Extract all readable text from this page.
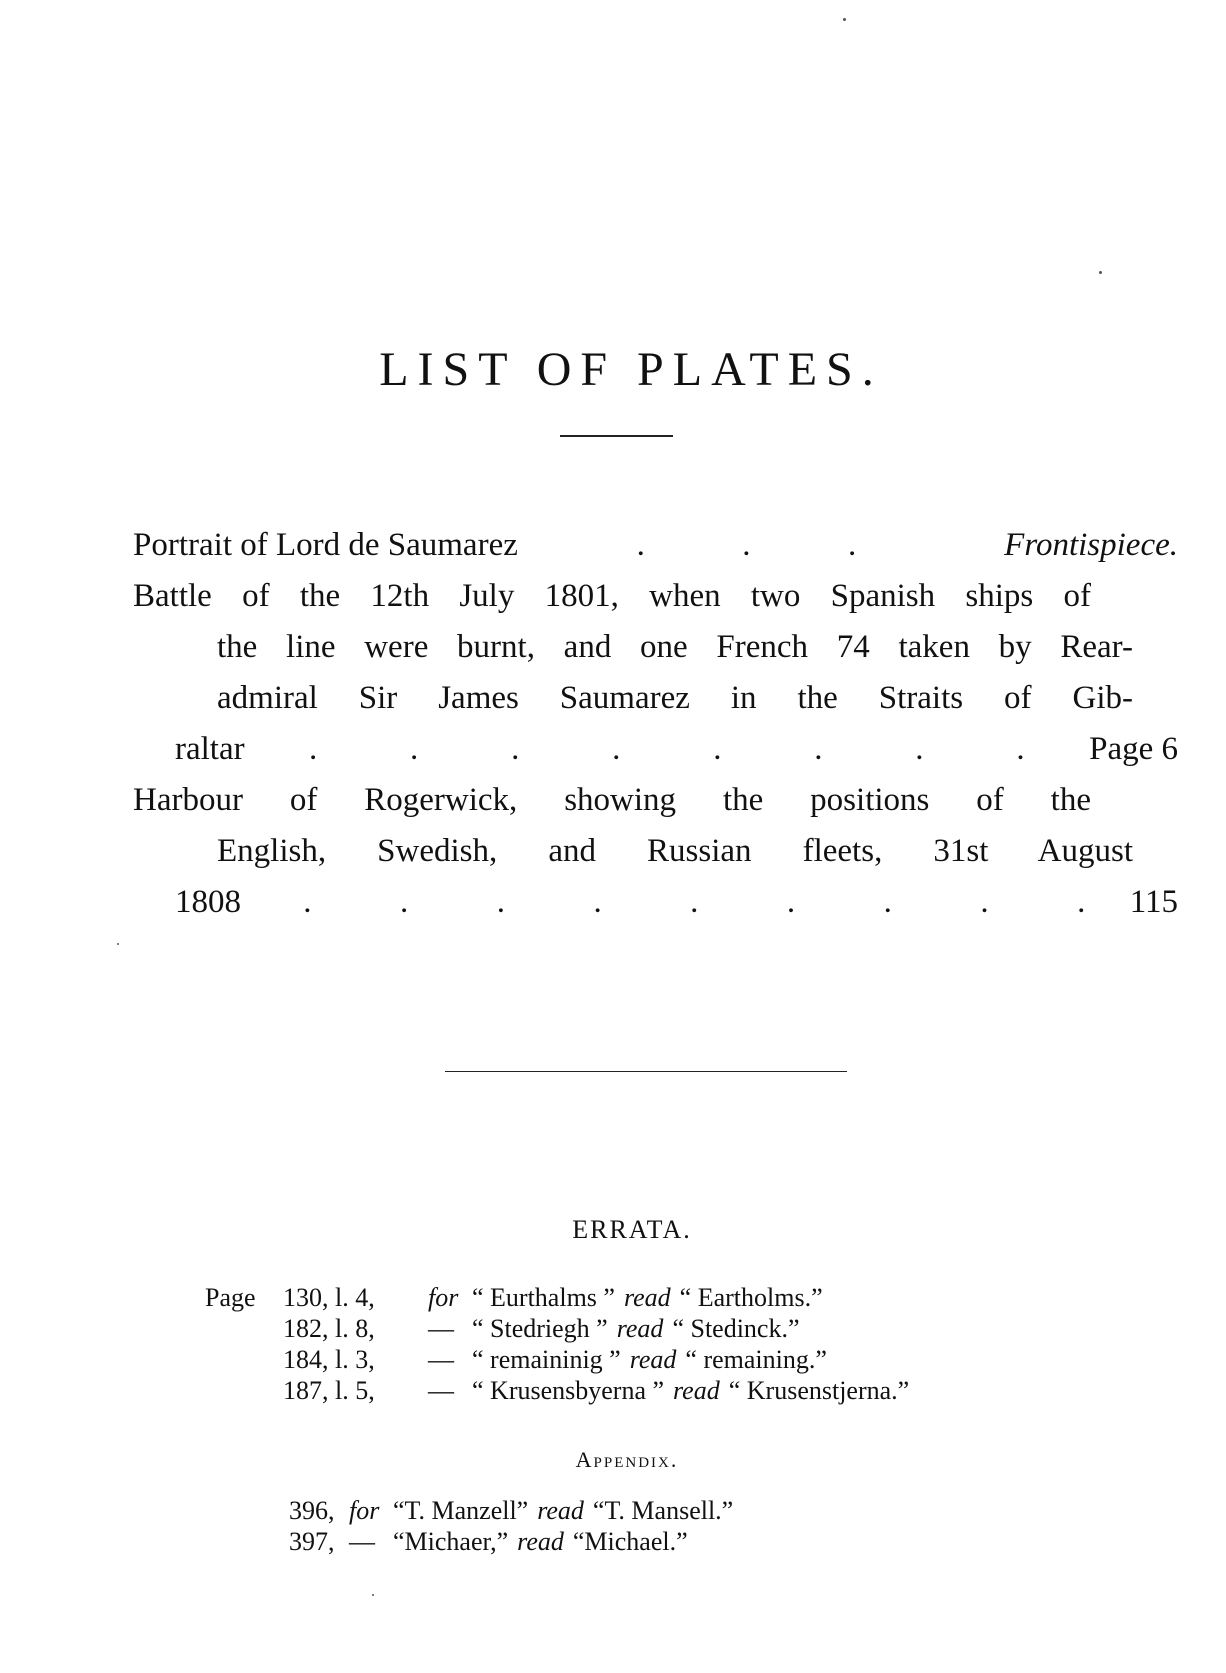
LIST OF PLATES.
Portrait of Lord de Saumarez	.	.	.	Frontispiece.
Battle of the 12th July 1801, when two Spanish ships of
the line were burnt, and one French 74 taken by Rear-
admiral Sir James Saumarez in the Straits of Gib-
raltar .	.	.	.	.	.	.	. Page 6
Harbour of Rogerwick, showing the positions of the
English, Swedish, and Russian fleets, 31st August
1808 .	.	.	.	.	.	.	.	. 115
ERRATA.
Page	130, l. 4,	for “ Eurthalms ” read “ Eartholms.”
182, l. 8,	— “ Stedriegh ” read “ Stedinck.”
184, l. 3,	— “ remaininig ” read “ remaining.”
187, l. 5,	— “ Krusensbyerna ” read “ Krusenstjerna.”
Appendix.
396, for “T. Manzell” read “T. Mansell.”
397, — “Michaer,” read “Michael.”
